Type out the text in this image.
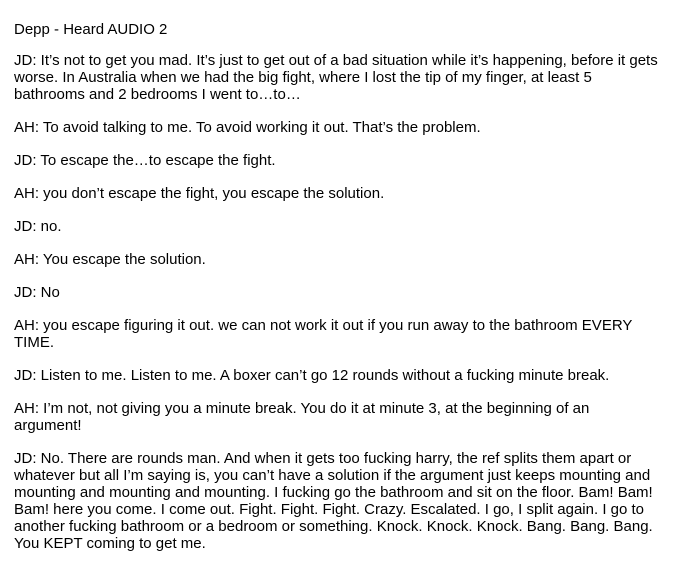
Depp - Heard AUDIO 2

JD: It’s not to get you mad. It’s just to get out of a bad situation while it’s happening, before it gets worse. In Australia when we had the big fight, where I lost the tip of my finger, at least 5 bathrooms and 2 bedrooms I went to…to…

AH: To avoid talking to me. To avoid working it out. That’s the problem.

JD: To escape the…to escape the fight.

AH: you don’t escape the fight, you escape the solution.

JD: no.

AH: You escape the solution.

JD: No

AH: you escape figuring it out. we can not work it out if you run away to the bathroom EVERY TIME.

JD: Listen to me. Listen to me. A boxer can’t go 12 rounds without a fucking minute break.

AH: I’m not, not giving you a minute break. You do it at minute 3, at the beginning of an argument!

JD: No. There are rounds man. And when it gets too fucking harry, the ref splits them apart or whatever but all I’m saying is, you can’t have a solution if the argument just keeps mounting and mounting and mounting and mounting. I fucking go the bathroom and sit on the floor. Bam! Bam! Bam! here you come. I come out. Fight. Fight. Fight. Crazy. Escalated. I go, I split again. I go to another fucking bathroom or a bedroom or something. Knock. Knock. Knock. Bang. Bang. Bang. You KEPT coming to get me.
